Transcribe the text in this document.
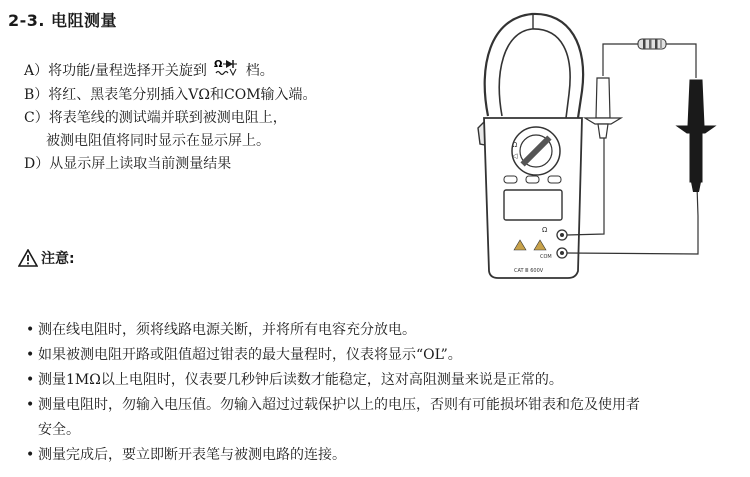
2-3. 电阻测量
A）将功能/量程选择开关旋到 Ω 档。
B）将红、黑表笔分别插入VΩ和COM输入端。
C）将表笔线的测试端并联到被测电阻上，
被测电阻值将同时显示在显示屏上。
D）从显示屏上读取当前测量结果
注意:
• 测在线电阻时，须将线路电源关断，并将所有电容充分放电。
• 如果被测电阻开路或阻值超过钳表的最大量程时，仪表将显示“OL”。
• 测量1MΩ以上电阻时，仪表要几秒钟后读数才能稳定，这对高阻测量来说是正常的。
• 测量电阻时，勿输入电压值。勿输入超过过载保护以上的电压，否则有可能损坏钳表和危及使用者
安全。
• 测量完成后，要立即断开表笔与被测电路的连接。
Ω
◁
Ω
COM
CAT Ⅲ 600V
